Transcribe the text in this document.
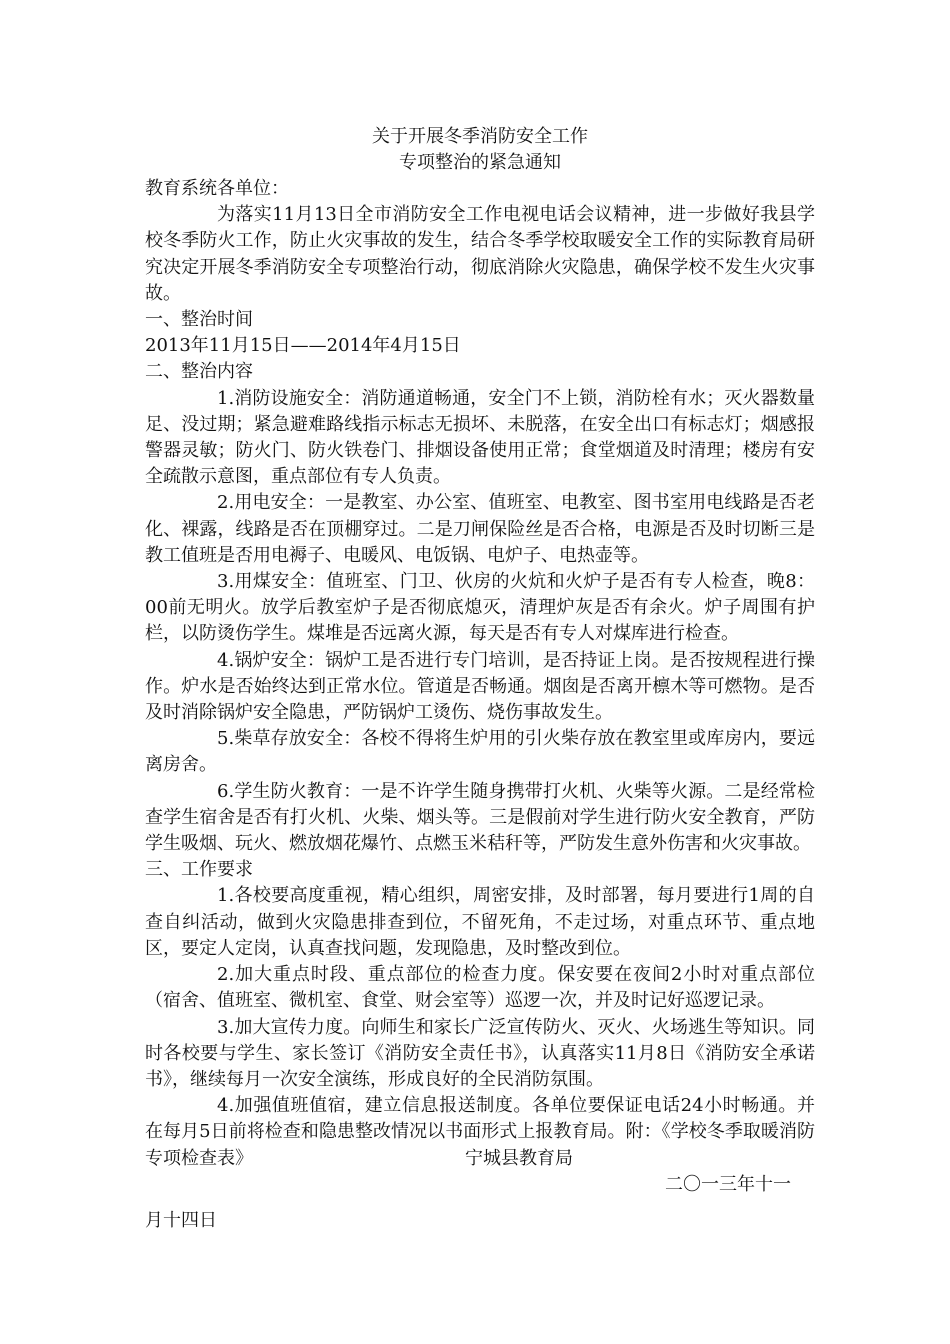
关于开展冬季消防安全工作

专项整治的紧急通知

教育系统各单位：

为落实11月13日全市消防安全工作电视电话会议精神，进一步做好我县学校冬季防火工作，防止火灾事故的发生，结合冬季学校取暖安全工作的实际教育局研究决定开展冬季消防安全专项整治行动，彻底消除火灾隐患，确保学校不发生火灾事故。

一、整治时间

2013年11月15日——2014年4月15日

二、整治内容

1.消防设施安全：消防通道畅通，安全门不上锁，消防栓有水；灭火器数量足、没过期；紧急避难路线指示标志无损坏、未脱落，在安全出口有标志灯；烟感报警器灵敏；防火门、防火铁卷门、排烟设备使用正常；食堂烟道及时清理；楼房有安全疏散示意图，重点部位有专人负责。

2.用电安全：一是教室、办公室、值班室、电教室、图书室用电线路是否老化、裸露，线路是否在顶棚穿过。二是刀闸保险丝是否合格，电源是否及时切断三是教工值班是否用电褥子、电暖风、电饭锅、电炉子、电热壶等。

3.用煤安全：值班室、门卫、伙房的火炕和火炉子是否有专人检查，晚8：00前无明火。放学后教室炉子是否彻底熄灭，清理炉灰是否有余火。炉子周围有护栏，以防烫伤学生。煤堆是否远离火源，每天是否有专人对煤库进行检查。

4.锅炉安全：锅炉工是否进行专门培训，是否持证上岗。是否按规程进行操作。炉水是否始终达到正常水位。管道是否畅通。烟囱是否离开檩木等可燃物。是否及时消除锅炉安全隐患，严防锅炉工烫伤、烧伤事故发生。

5.柴草存放安全：各校不得将生炉用的引火柴存放在教室里或库房内，要远离房舍。

6.学生防火教育：一是不许学生随身携带打火机、火柴等火源。二是经常检查学生宿舍是否有打火机、火柴、烟头等。三是假前对学生进行防火安全教育，严防学生吸烟、玩火、燃放烟花爆竹、点燃玉米秸秆等，严防发生意外伤害和火灾事故。

三、工作要求

1.各校要高度重视，精心组织，周密安排，及时部署，每月要进行1周的自查自纠活动，做到火灾隐患排查到位，不留死角，不走过场，对重点环节、重点地区，要定人定岗，认真查找问题，发现隐患，及时整改到位。

2.加大重点时段、重点部位的检查力度。保安要在夜间2小时对重点部位（宿舍、值班室、微机室、食堂、财会室等）巡逻一次，并及时记好巡逻记录。

3.加大宣传力度。向师生和家长广泛宣传防火、灭火、火场逃生等知识。同时各校要与学生、家长签订《消防安全责任书》，认真落实11月8日《消防安全承诺书》，继续每月一次安全演练，形成良好的全民消防氛围。

4.加强值班值宿，建立信息报送制度。各单位要保证电话24小时畅通。并在每月5日前将检查和隐患整改情况以书面形式上报教育局。附：《学校冬季取暖消防专项检查表》	宁城县教育局

二〇一三年十一

月十四日
